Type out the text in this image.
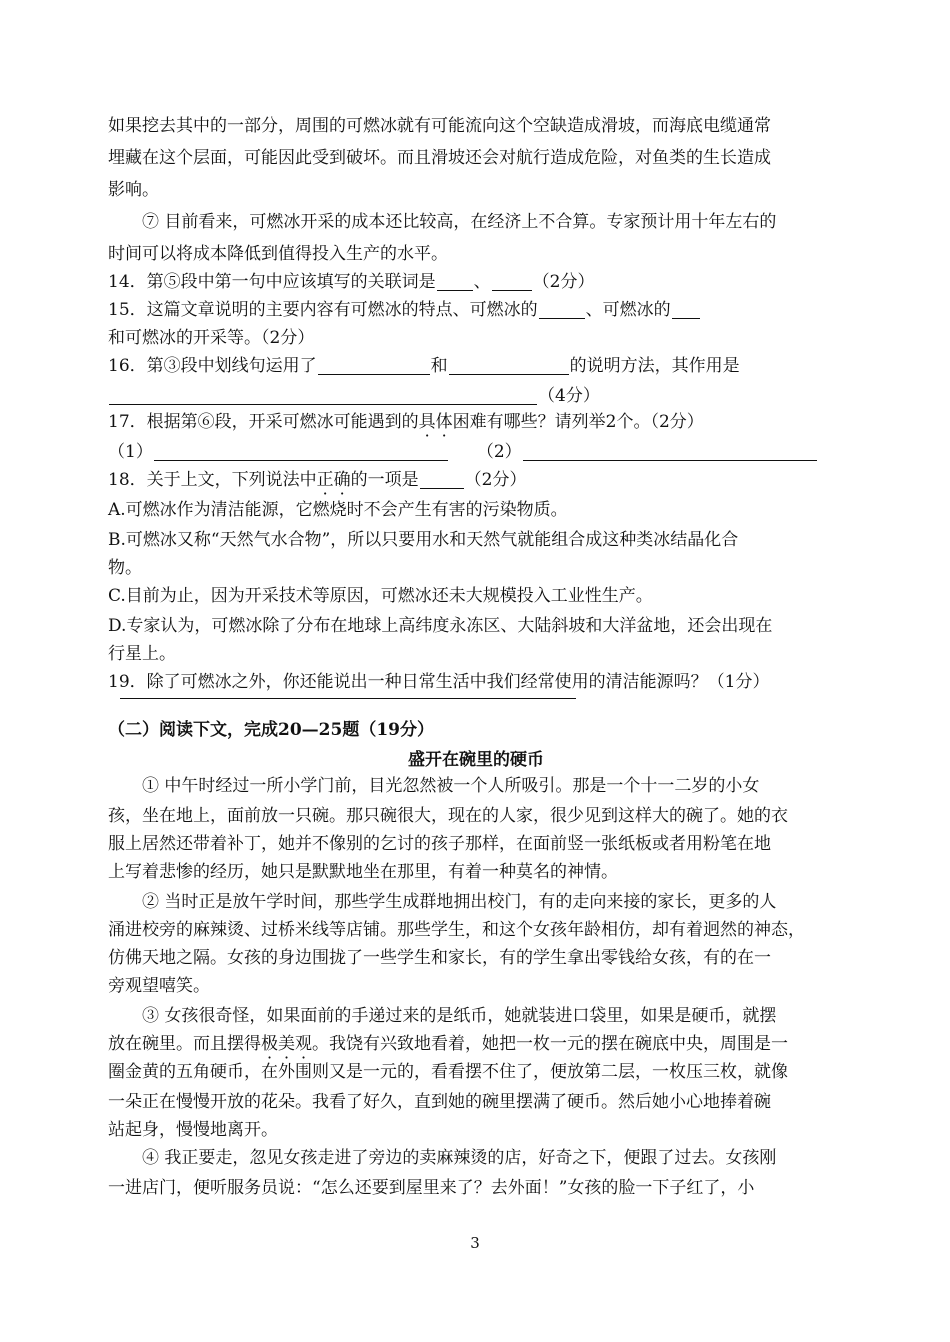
如果挖去其中的一部分，周围的可燃冰就有可能流向这个空缺造成滑坡，而海底电缆通常
埋藏在这个层面，可能因此受到破坏。而且滑坡还会对航行造成危险，对鱼类的生长造成
影响。
⑦ 目前看来，可燃冰开采的成本还比较高，在经济上不合算。专家预计用十年左右的
时间可以将成本降低到值得投入生产的水平。
14．第⑤段中第一句中应该填写的关联词是 、 （2分）
15．这篇文章说明的主要内容有可燃冰的特点、可燃冰的	、可燃冰的
和可燃冰的开采等。（2分）
16．第③段中划线句运用了	和	的说明方法，其作用是
（4分）
17．根据第⑥段，开采可燃冰可能遇到的具体困难有哪些？请列举2个。（2分）
（1）	（2）
18．关于上文，下列说法中正确的一项是	（2分）
A.可燃冰作为清洁能源，它燃烧时不会产生有害的污染物质。
B.可燃冰又称“天然气水合物”，所以只要用水和天然气就能组合成这种类冰结晶化合
物。
C.目前为止，因为开采技术等原因，可燃冰还未大规模投入工业性生产。
D.专家认为，可燃冰除了分布在地球上高纬度永冻区、大陆斜坡和大洋盆地，还会出现在
行星上。
19．除了可燃冰之外，你还能说出一种日常生活中我们经常使用的清洁能源吗？（1分）
（二）阅读下文，完成20—25题（19分）
盛开在碗里的硬币
① 中午时经过一所小学门前，目光忽然被一个人所吸引。那是一个十一二岁的小女
孩，坐在地上，面前放一只碗。那只碗很大，现在的人家，很少见到这样大的碗了。她的衣
服上居然还带着补丁，她并不像别的乞讨的孩子那样，在面前竖一张纸板或者用粉笔在地
上写着悲惨的经历，她只是默默地坐在那里，有着一种莫名的神情。
② 当时正是放午学时间，那些学生成群地拥出校门，有的走向来接的家长，更多的人
涌进校旁的麻辣烫、过桥米线等店铺。那些学生，和这个女孩年龄相仿，却有着迥然的神态，
仿佛天地之隔。女孩的身边围拢了一些学生和家长，有的学生拿出零钱给女孩，有的在一
旁观望嘻笑。
③ 女孩很奇怪，如果面前的手递过来的是纸币，她就装进口袋里，如果是硬币，就摆
放在碗里。而且摆得极美观。我饶有兴致地看着，她把一枚一元的摆在碗底中央，周围是一
圈金黄的五角硬币，在外围则又是一元的，看看摆不住了，便放第二层，一枚压三枚，就像
一朵正在慢慢开放的花朵。我看了好久，直到她的碗里摆满了硬币。然后她小心地捧着碗
站起身，慢慢地离开。
④ 我正要走，忽见女孩走进了旁边的卖麻辣烫的店，好奇之下，便跟了过去。女孩刚
一进店门，便听服务员说：“怎么还要到屋里来了？去外面！”女孩的脸一下子红了，小
3
